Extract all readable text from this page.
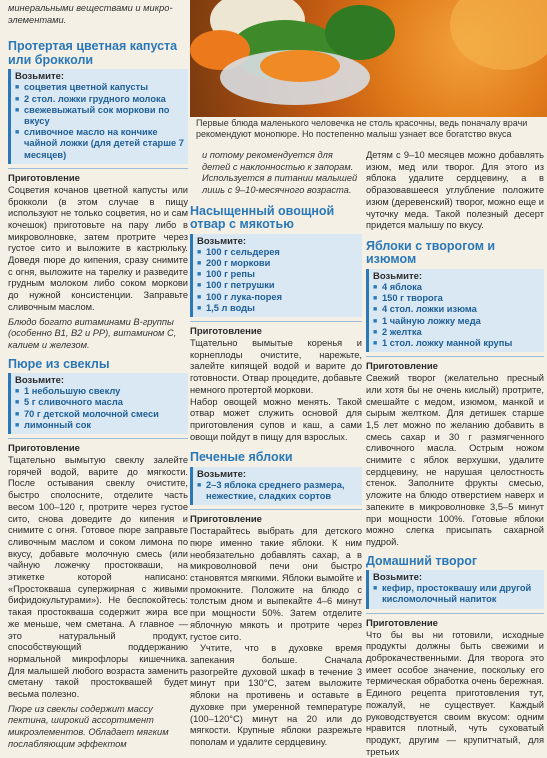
Первые блюда маленького человечка не столь красочны, ведь поначалу врачи рекомендуют монопюре. Но постепенно малыш узнает все богатство вкуса

минеральными веществами и микро-

элементами.

Протертая цветная капуста или брокколи
Возьмите:
■ соцветия цветной капусты
■ 2 стол. ложки грудного молока
■ свежевыжатый сок моркови по вкусу
■ сливочное масло на кончике чайной ложки (для детей старше 7 месяцев)
Приготовление

Соцветия кочанов цветной капусты или брокколи (в этом случае в пищу используют не только соцветия, но и сам кочешок) приготовьте на пару либо в микроволновке, затем протрите через густое сито и выложите в кастрюльку. Доведя пюре до кипения, сразу снимите с огня, выложите на тарелку и разведите грудным молоком либо соком моркови до нужной консистенции. Заправьте сливочным маслом.

Блюдо богато витаминами В-группы (особенно В1, В2 и РР), витамином С, калием и железом.

Пюре из свеклы
Возьмите:
■ 1 небольшую свеклу
■ 5 г сливочного масла
■ 70 г детской молочной смеси
■ лимонный сок
Приготовление

Тщательно вымытую свеклу залейте горячей водой, варите до мягкости. После остывания свеклу очистите, быстро сполосните, отделите часть весом 100–120 г, протрите через густое сито, снова доведите до кипения и снимите с огня. Готовое пюре заправьте сливочным маслом и соком лимона по вкусу, добавьте молочную смесь (или чайную ложечку простокваши, на этикетке которой написано: «Простокваша супержирная с живыми бифидокультурами»). Не беспокойтесь: такая простокваша содержит жира все же меньше, чем сметана. А главное — это натуральный продукт, способствующий поддержанию нормальной микрофлоры кишечника. Для малышей любого возраста заменить сметану такой простоквашей будет весьма полезно.

Пюре из свеклы содержит массу пектина, широкий ассортимент микроэлементов. Обладает мягким послабляющим эффектом

и потому рекомендуется для детей с наклонностью к запорам. Используется в питании малышей лишь с 9–10-месячного возраста.

Насыщенный овощной отвар с мякотью
Возьмите:
■ 100 г сельдерея
■ 200 г моркови
■ 100 г репы
■ 100 г петрушки
■ 100 г лука-порея
■ 1,5 л воды
Приготовление

Тщательно вымытые коренья и корнеплоды очистите, нарежьте, залейте кипящей водой и варите до готовности. Отвар процедите, добавьте немного протертой моркови.

Набор овощей можно менять. Такой отвар может служить основой для приготовления супов и каш, а сами овощи пойдут в пищу для взрослых.

Печеные яблоки
Возьмите:
■ 2–3 яблока среднего размера, нежесткие, сладких сортов
Приготовление

Постарайтесь выбрать для детского пюре именно такие яблоки. К ним необязательно добавлять сахар, а в микроволновой печи они быстро становятся мягкими. Яблоки вымойте и промокните. Положите на блюдо с толстым дном и выпекайте 4–6 минут при мощности 50%. Затем отделите яблочную мякоть и протрите через густое сито.

Учтите, что в духовке время запекания больше. Сначала разогрейте духовой шкаф в течение 3 минут при 130°С, затем выложите яблоки на противень и оставьте в духовке при умеренной температуре (100–120°С) минут на 20 или до мягкости. Крупные яблоки разрежьте пополам и удалите сердцевину.

Детям с 9–10 месяцев можно добавлять изюм, мед или творог. Для этого из яблока удалите сердцевину, а в образовавшееся углубление положите изюм (деревенский) творог, можно еще и чуточку меда. Такой полезный десерт придется малышу по вкусу.

Яблоки с творогом и изюмом
Возьмите:
■ 4 яблока
■ 150 г творога
■ 4 стол. ложки изюма
■ 1 чайную ложку меда
■ 2 желтка
■ 1 стол. ложку манной крупы
Приготовление

Свежий творог (желательно пресный или хотя бы не очень кислый) протрите, смешайте с медом, изюмом, манкой и сырым желтком. Для детишек старше 1,5 лет можно по желанию добавить в смесь сахар и 30 г размягченного сливочного масла. Острым ножом снимите с яблок верхушки, удалите сердцевину, не нарушая целостность стенок. Заполните фрукты смесью, уложите на блюдо отверстием наверх и запеките в микроволновке 3,5–5 минут при мощности 100%. Готовые яблоки можно слегка присыпать сахарной пудрой.

Домашний творог
Возьмите:
■ кефир, простоквашу или другой кисломолочный напиток
Приготовление

Что бы вы ни готовили, исходные продукты должны быть свежими и доброкачественными. Для творога это имеет особое значение, поскольку его термическая обработка очень бережная. Единого рецепта приготовления тут, пожалуй, не существует. Каждый руководствуется своим вкусом: одним нравится плотный, чуть суховатый продукт, другим — крупитчатый, для третьих
